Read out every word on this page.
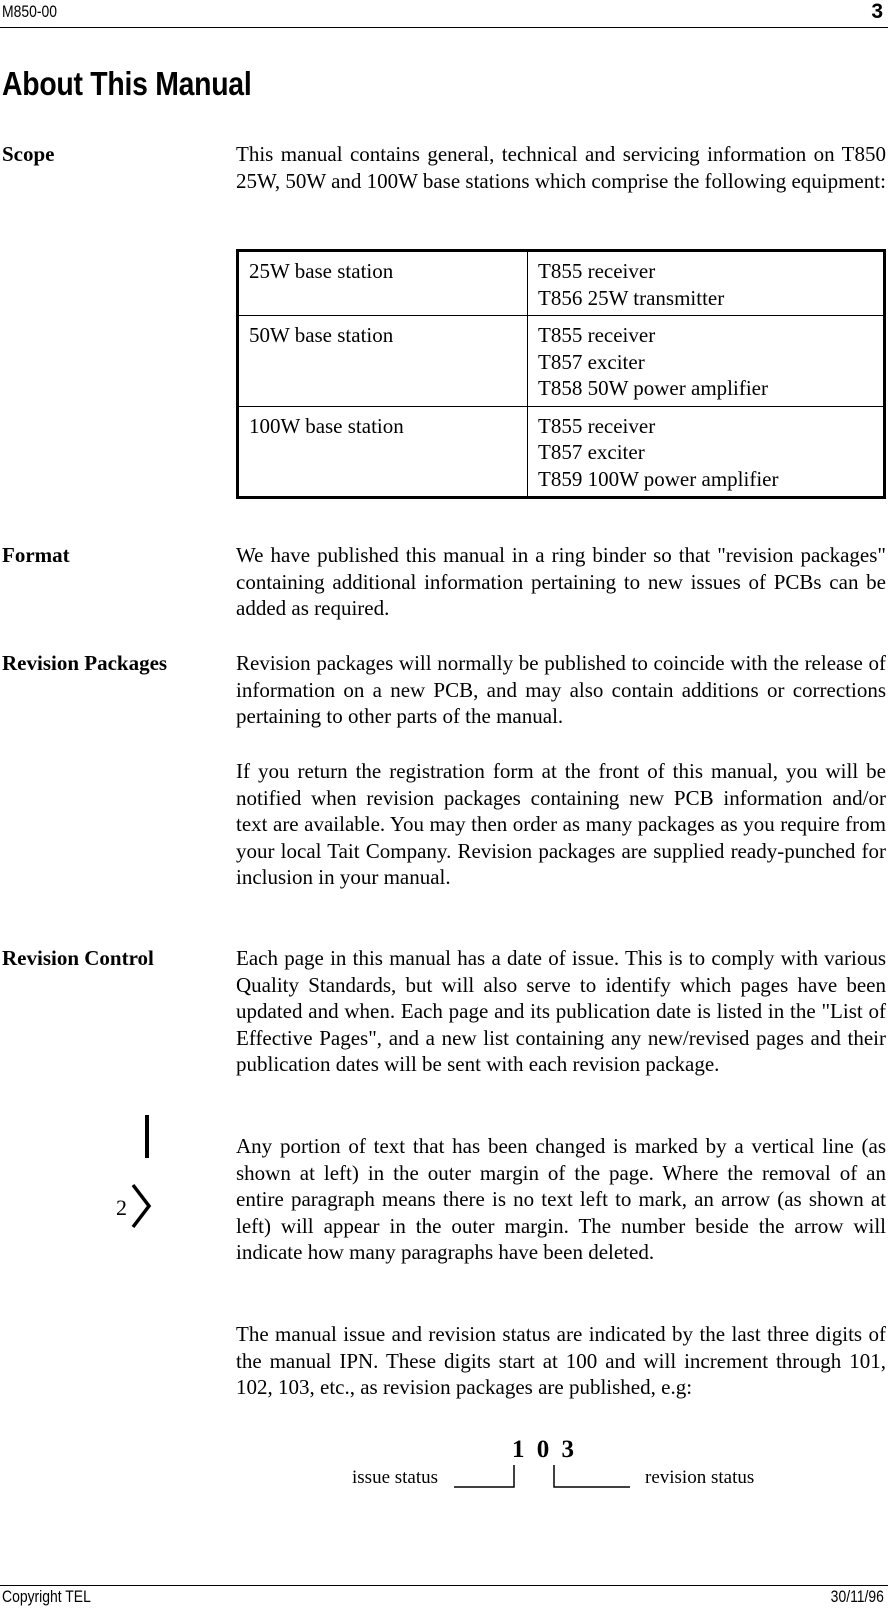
M850-00	3
About This Manual
Scope	This manual contains general, technical and servicing information on T850 25W, 50W and 100W base stations which comprise the following equipment:
25W base station	T855 receiver
T856 25W transmitter

50W base station	T855 receiver
T857 exciter
T858 50W power amplifier

100W base station	T855 receiver
T857 exciter
T859 100W power amplifier
Format	We have published this manual in a ring binder so that "revision packages" containing additional information pertaining to new issues of PCBs can be added as required.
Revision Packages	Revision packages will normally be published to coincide with the release of information on a new PCB, and may also contain additions or corrections pertaining to other parts of the manual.
If you return the registration form at the front of this manual, you will be notified when revision packages containing new PCB information and/or text are available. You may then order as many packages as you require from your local Tait Company. Revision packages are supplied ready-punched for inclusion in your manual.
Revision Control	Each page in this manual has a date of issue. This is to comply with various Quality Standards, but will also serve to identify which pages have been updated and when. Each page and its publication date is listed in the "List of Effective Pages", and a new list containing any new/revised pages and their publication dates will be sent with each revision package.
2
Any portion of text that has been changed is marked by a vertical line (as shown at left) in the outer margin of the page. Where the removal of an entire paragraph means there is no text left to mark, an arrow (as shown at left) will appear in the outer margin. The number beside the arrow will indicate how many paragraphs have been deleted.
The manual issue and revision status are indicated by the last three digits of the manual IPN. These digits start at 100 and will increment through 101, 102, 103, etc., as revision packages are published, e.g:
1 0 3
issue status	revision status
Copyright TEL	30/11/96
